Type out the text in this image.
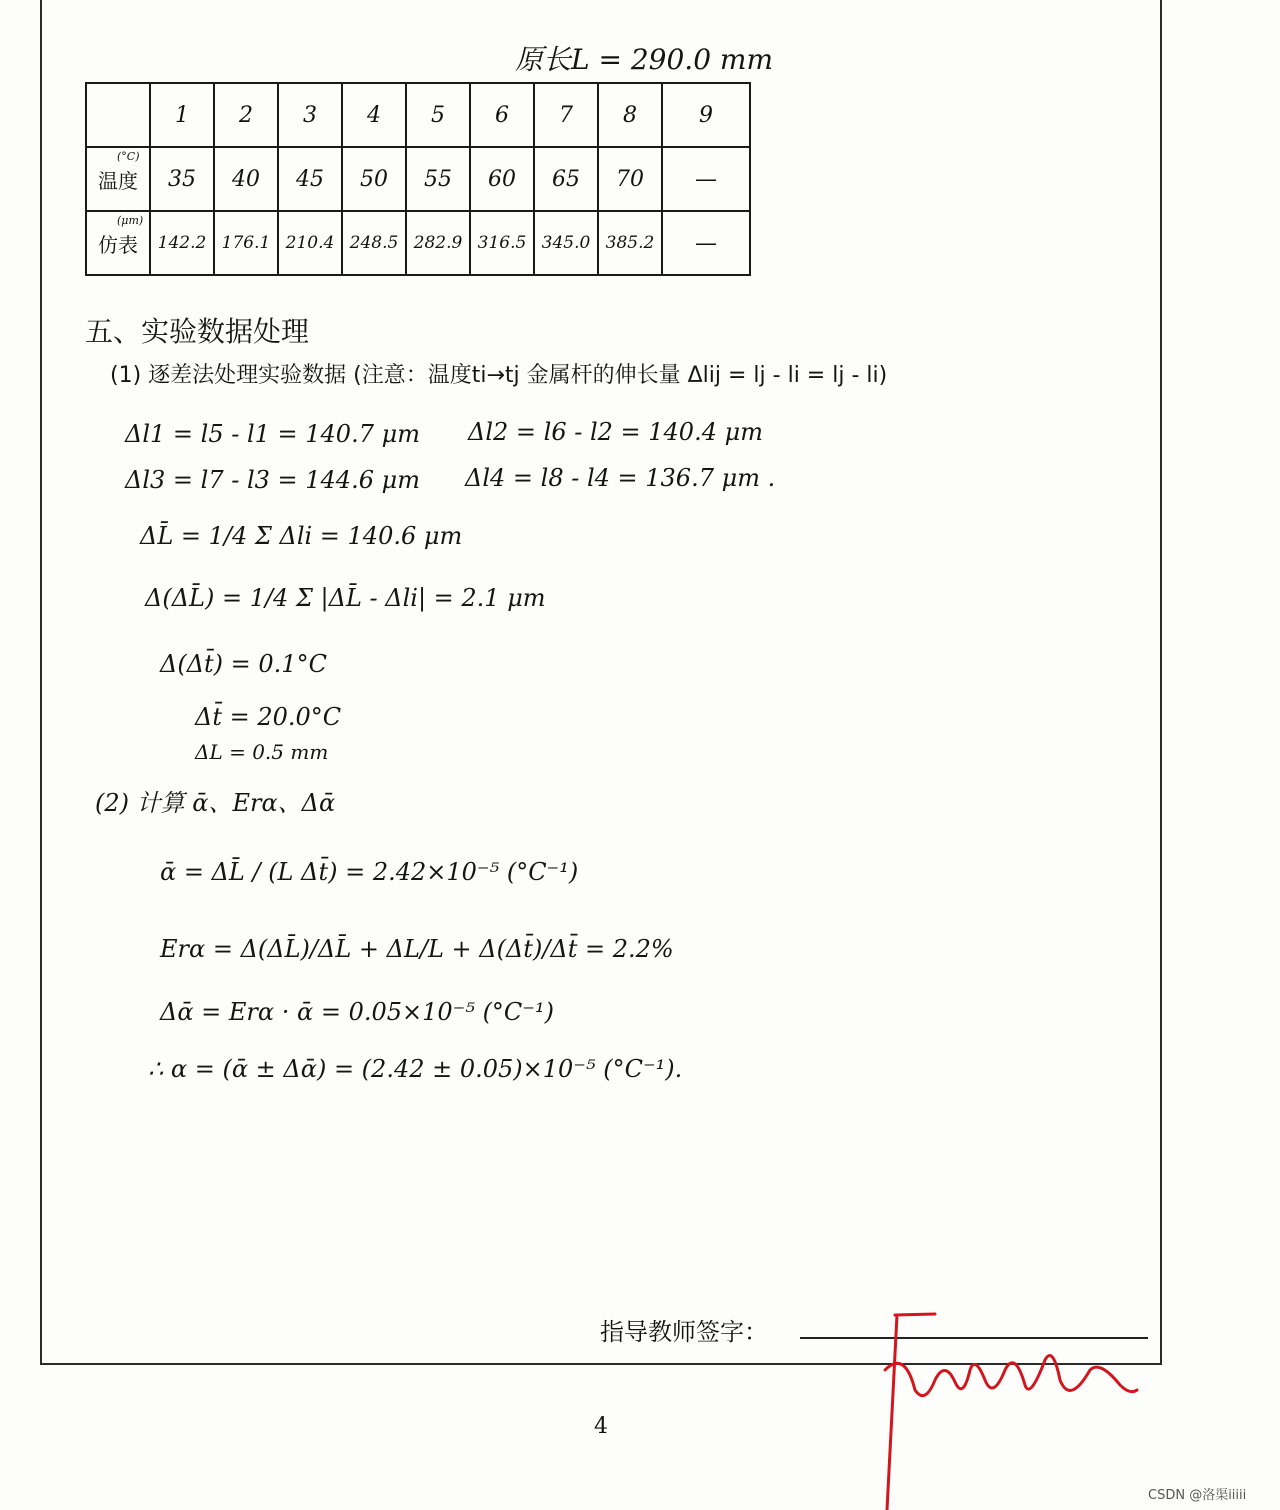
原长L = 290.0 mm
	1	2	3	4	5	6	7	8	9

(°C)
温度	35	40	45	50	55	60	65	70	—

(μm)
仿表	142.2	176.1	210.4	248.5	282.9	316.5	345.0	385.2	—
五、实验数据处理
(1) 逐差法处理实验数据 (注意：温度ti→tj 金属杆的伸长量 Δlij = lj - li = lj - li)
Δl1 = l5 - l1 = 140.7 μm Δl2 = l6 - l2 = 140.4 μm
Δl3 = l7 - l3 = 144.6 μm Δl4 = l8 - l4 = 136.7 μm .
ΔL̄ = 1/4 Σ Δli = 140.6 μm
Δ(ΔL̄) = 1/4 Σ |ΔL̄ - Δli| = 2.1 μm
Δ(Δt̄) = 0.1°C
Δt̄ = 20.0°C
ΔL = 0.5 mm
(2) 计算 ᾱ、Erα、Δᾱ
ᾱ = ΔL̄ / (L Δt̄) = 2.42×10⁻⁵ (°C⁻¹)
Erα = Δ(ΔL̄)/ΔL̄ + ΔL/L + Δ(Δt̄)/Δt̄ = 2.2%
Δᾱ = Erα · ᾱ = 0.05×10⁻⁵ (°C⁻¹)
∴ α = (ᾱ ± Δᾱ) = (2.42 ± 0.05)×10⁻⁵ (°C⁻¹).
指导教师签字：
4
CSDN @洛渠iiiii
